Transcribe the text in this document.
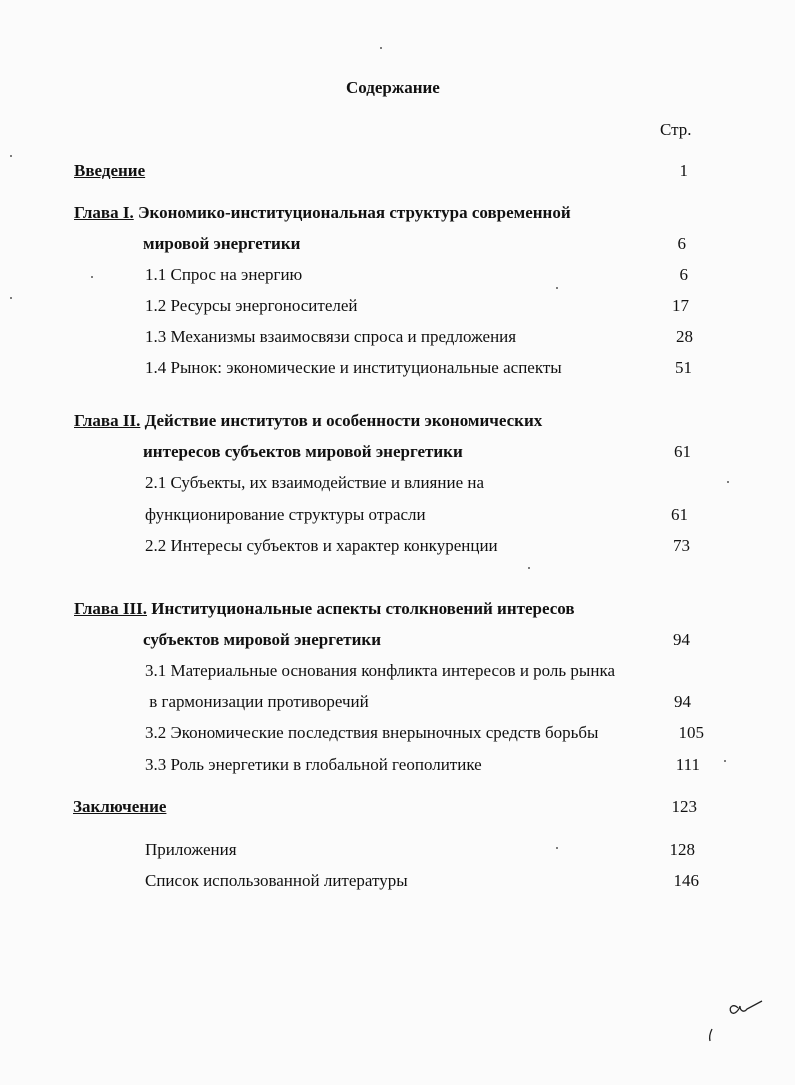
Содержание
Стр.
Введение	1
Глава I. Экономико-институциональная структура современной
мировой энергетики	6
1.1 Спрос на энергию	6
1.2 Ресурсы энергоносителей	17
1.3 Механизмы взаимосвязи спроса и предложения	28
1.4 Рынок: экономические и институциональные аспекты	51
Глава II. Действие институтов и особенности экономических
интересов субъектов мировой энергетики	61
2.1 Субъекты, их взаимодействие и влияние на
функционирование структуры отрасли	61
2.2 Интересы субъектов и характер конкуренции	73
Глава III. Институциональные аспекты столкновений интересов
субъектов мировой энергетики	94
3.1 Материальные основания конфликта интересов и роль рынка
в гармонизации противоречий	94
3.2 Экономические последствия внерыночных средств борьбы	105
3.3 Роль энергетики в глобальной геополитике	111
Заключение	123
Приложения	128
Список использованной литературы	146
